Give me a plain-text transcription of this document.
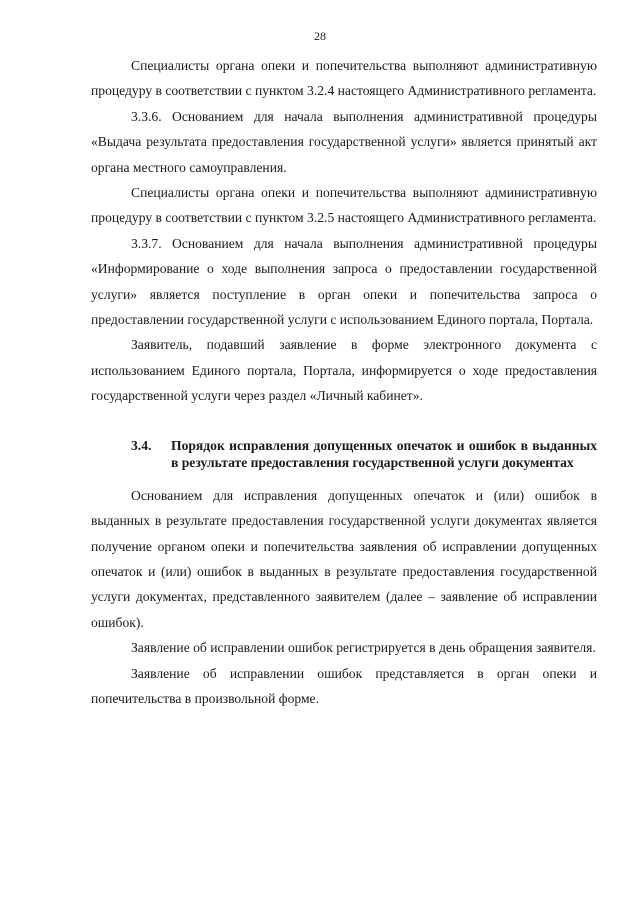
28

Специалисты органа опеки и попечительства выполняют административную процедуру в соответствии с пунктом 3.2.4 настоящего Административного регламента.

3.3.6. Основанием для начала выполнения административной процедуры «Выдача результата предоставления государственной услуги» является принятый акт органа местного самоуправления.

Специалисты органа опеки и попечительства выполняют административную процедуру в соответствии с пунктом 3.2.5 настоящего Административного регламента.

3.3.7. Основанием для начала выполнения административной процедуры «Информирование о ходе выполнения запроса о предоставлении государственной услуги» является поступление в орган опеки и попечительства запроса о предоставлении государственной услуги с использованием Единого портала, Портала.

Заявитель, подавший заявление в форме электронного документа с использованием Единого портала, Портала, информируется о ходе предоставления государственной услуги через раздел «Личный кабинет».

3.4.	Порядок исправления допущенных опечаток и ошибок в выданных в результате предоставления государственной услуги документах

Основанием для исправления допущенных опечаток и (или) ошибок в выданных в результате предоставления государственной услуги документах является получение органом опеки и попечительства заявления об исправлении допущенных опечаток и (или) ошибок в выданных в результате предоставления государственной услуги документах, представленного заявителем (далее – заявление об исправлении ошибок).

Заявление об исправлении ошибок регистрируется в день обращения заявителя.

Заявление об исправлении ошибок представляется в орган опеки и попечительства в произвольной форме.
